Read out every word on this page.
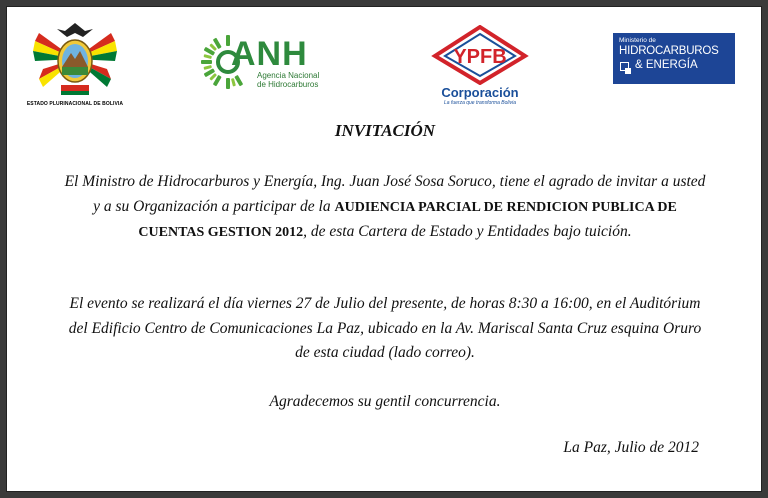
ESTADO PLURINACIONAL DE BOLIVIA
ANH
Agencia Nacional
de Hidrocarburos
YPFB
Corporación
La fuerza que transforma Bolivia
Ministerio de
HIDROCARBUROS
& ENERGÍA
INVITACIÓN

El Ministro de Hidrocarburos y Energía, Ing. Juan José Sosa Soruco, tiene el agrado de invitar a usted y a su Organización a participar de la AUDIENCIA PARCIAL DE RENDICION PUBLICA DE CUENTAS GESTION 2012, de esta Cartera de Estado y Entidades bajo tuición.

El evento se realizará el día viernes 27 de Julio del presente, de horas 8:30 a 16:00, en el Auditórium del Edificio Centro de Comunicaciones La Paz, ubicado en la Av. Mariscal Santa Cruz esquina Oruro de esta ciudad (lado correo).

Agradecemos su gentil concurrencia.

La Paz, Julio de 2012
